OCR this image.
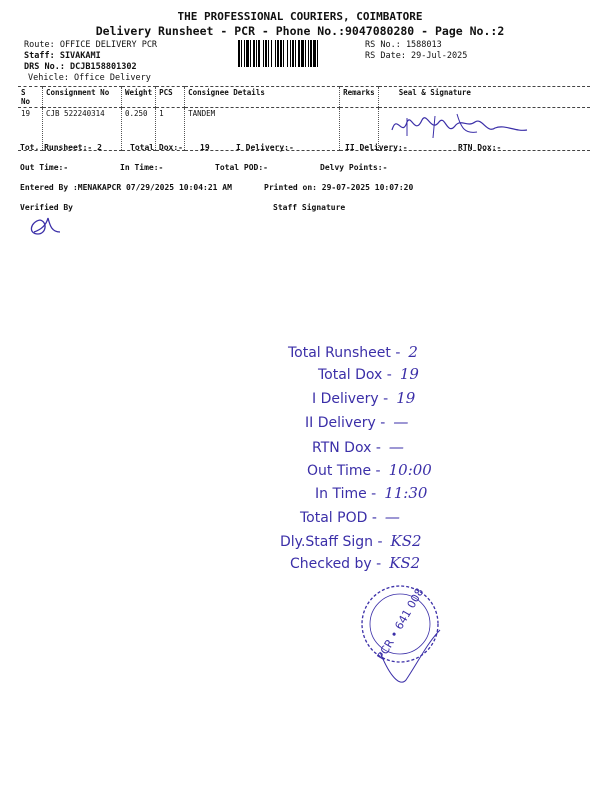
THE PROFESSIONAL COURIERS, COIMBATORE
Delivery Runsheet - PCR - Phone No.:9047080280 - Page No.:2
Route: OFFICE DELIVERY PCR
Staff: SIVAKAMI
DRS No.: DCJB158801302
Vehicle: Office Delivery
RS No.: 1588013
RS Date: 29-Jul-2025
S No	Consignment No	Weight	PCS	Consignee Details	Remarks	Seal & Signature
19	CJB 522240314	0.250	1	TANDEM		
Tot. Runsheet:- 2	Total Dox:- 19	I Delivery:-	II Delivery:-	RTN Dox:-
Out Time:-	In Time:-	Total POD:-	Delvy Points:-
Entered By :MENAKAPCR 07/29/2025 10:04:21 AM	Printed on: 29-07-2025 10:07:20
Verified By	Staff Signature
Total Runsheet - 2
Total Dox - 19
I Delivery - 19
II Delivery - —
RTN Dox - —
Out Time - 10:00
In Time - 11:30
Total POD - —
Dly.Staff Sign - KS2
Checked by - KS2
PCR • 641 008
